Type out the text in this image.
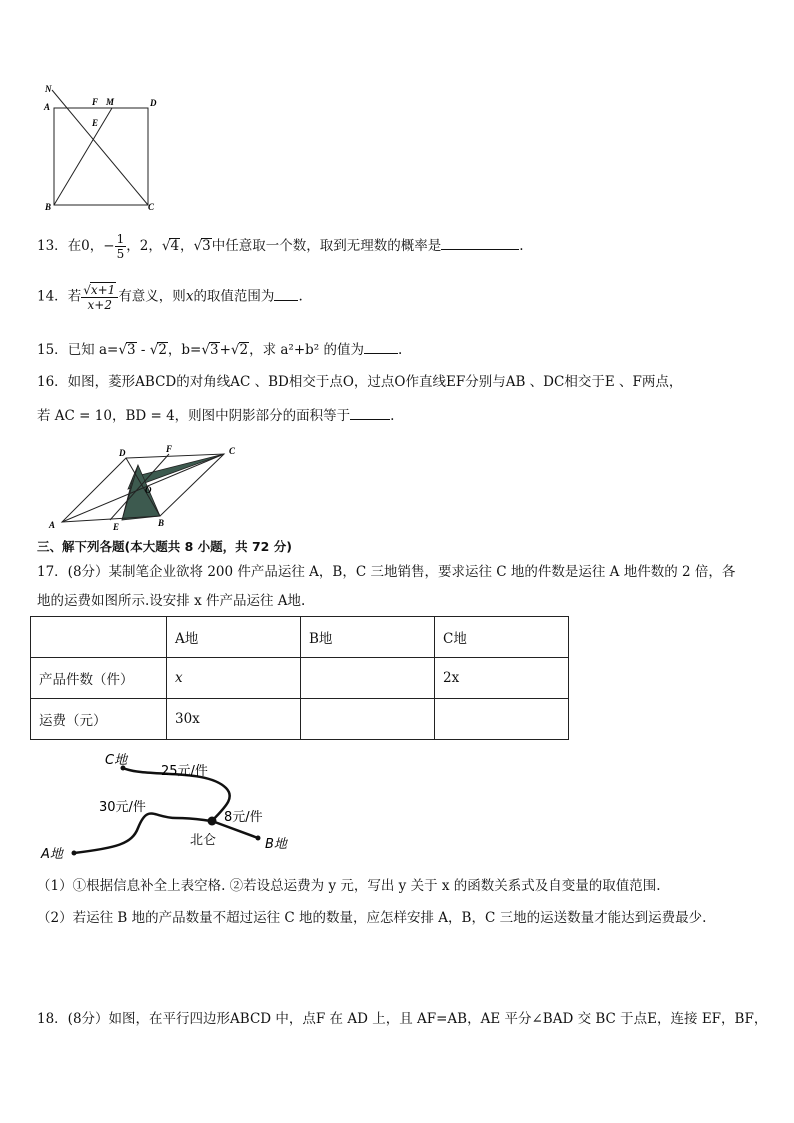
N
A	F M	D
E
B	C
13．在0，− $\frac{1}{5}$ ，2，√4，√3中任意取一个数，取到无理数的概率是	.
14．若 $\frac{√x+1}{x+2}$ 有意义，则x的取值范围为 .
15．已知 a=√3 - √2，b=√3+√2，求 a²+b² 的值为	.
16．如图，菱形ABCD的对角线AC 、BD相交于点O，过点O作直线EF分别与AB 、DC相交于E 、F两点，
若 AC = 10，BD = 4，则图中阴影部分的面积等于	.
D	F	C
O
A	E	B
三、解下列各题(本大题共 8 小题，共 72 分)
17．(8分）某制笔企业欲将 200 件产品运往 A，B，C 三地销售，要求运往 C 地的件数是运往 A 地件数的 2 倍，各
地的运费如图所示.设安排 x 件产品运往 A地.
	A地	B地	C地
产品件数（件）	x		2x
运费（元）	30x		
C地
25元/件
30元/件
8元/件
北仑	B地
A地
（1）①根据信息补全上表空格. ②若设总运费为 y 元，写出 y 关于 x 的函数关系式及自变量的取值范围.
（2）若运往 B 地的产品数量不超过运往 C 地的数量，应怎样安排 A，B，C 三地的运送数量才能达到运费最少.
18．(8分）如图，在平行四边形ABCD 中，点F 在 AD 上，且 AF=AB，AE 平分∠BAD 交 BC 于点E，连接 EF，BF，
